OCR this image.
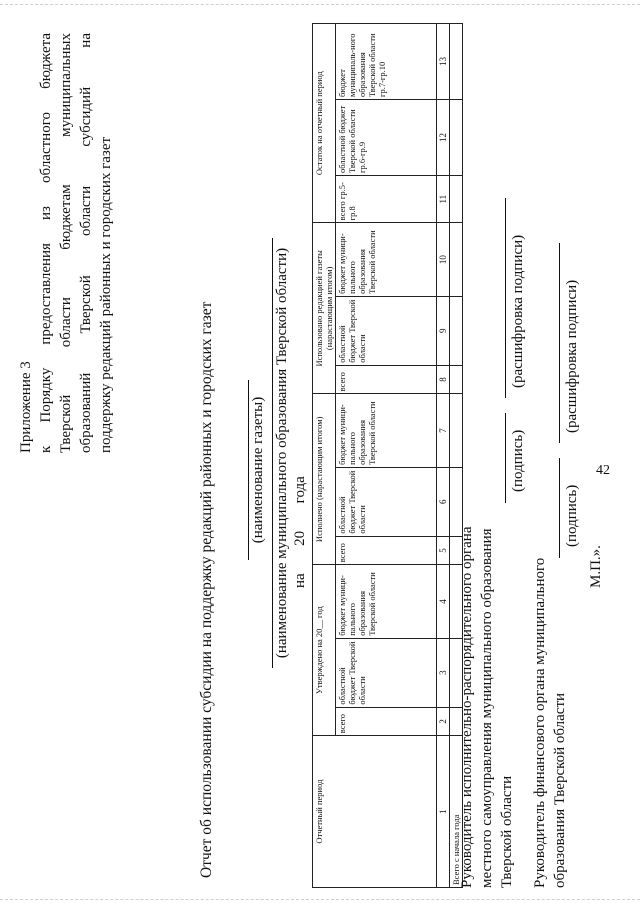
42
Приложение 3 к Порядку предоставления из областного бюджета Тверской области бюджетам муниципальных образований Тверской области субсидий на поддержку редакций районных и городских газет
Отчет об использовании субсидии на поддержку редакций районных и городских газет (наименование газеты) (наименование муниципального образования Тверской области) на  20  года
Отчетный период	Утверждено на 20__ год			Исполнено (нарастающим итогом)			Использовано редакцией газеты (нарастающим итогом)			Остаток на отчетный период		
	всего	областной бюджет Тверской области	бюджет муници-пального образования Тверской области	всего	областной бюджет Тверской области	бюджет муници-пального образования Тверской области	всего	областной бюджет Тверской области	бюджет муници-пального образования Тверской области	всего гр.5-гр.8	областной бюджет Тверской области гр.6-гр.9	бюджет муниципаль-ного образования Тверской области гр.7-гр.10
1	2	3	4	5	6	7	8	9	10	11	12	13
Всего с начала года												
Руководитель исполнительно-распорядительного органа местного самоуправления муниципального образования Тверской области
(подпись)
(расшифровка подписи)
Руководитель финансового органа муниципального образования Тверской области
(подпись)
(расшифровка подписи)
М.П.».
